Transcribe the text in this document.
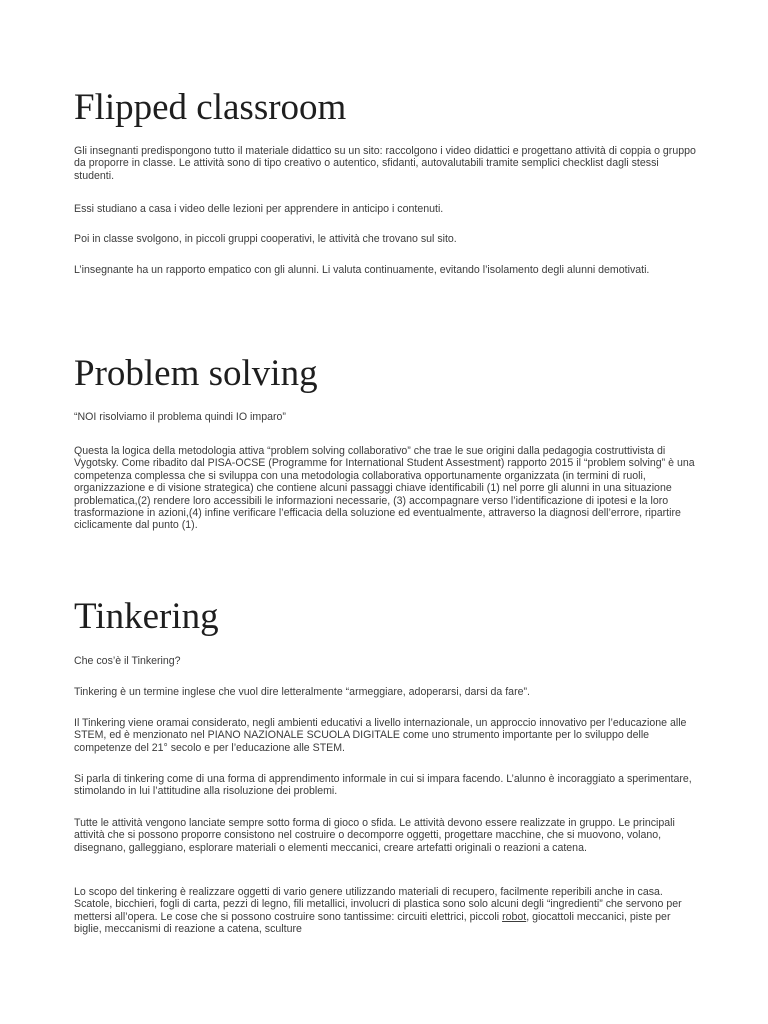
Flipped classroom

Gli insegnanti predispongono tutto il materiale didattico su un sito: raccolgono i video didattici e progettano attività di coppia o gruppo da proporre in classe. Le attività sono di tipo creativo o autentico, sfidanti, autovalutabili tramite semplici checklist dagli stessi studenti.

Essi studiano a casa i video delle lezioni per apprendere in anticipo i contenuti.

Poi in classe svolgono, in piccoli gruppi cooperativi, le attività che trovano sul sito.

L’insegnante ha un rapporto empatico con gli alunni. Li valuta continuamente, evitando l’isolamento degli alunni demotivati.

Problem solving

“NOI risolviamo il problema quindi IO imparo”

Questa la logica della metodologia attiva “problem solving collaborativo” che trae le sue origini dalla pedagogia costruttivista di Vygotsky. Come ribadito dal PISA-OCSE (Programme for International Student Assestment) rapporto 2015 il “problem solving” è una competenza complessa che si sviluppa con una metodologia collaborativa opportunamente organizzata (in termini di ruoli, organizzazione e di visione strategica) che contiene alcuni passaggi chiave identificabili (1) nel porre gli alunni in una situazione problematica,(2) rendere loro accessibili le informazioni necessarie, (3) accompagnare verso l’identificazione di ipotesi e la loro trasformazione in azioni,(4) infine verificare l’efficacia della soluzione ed eventualmente, attraverso la diagnosi dell’errore, ripartire ciclicamente dal punto (1).

Tinkering

Che cos’è il Tinkering?

Tinkering è un termine inglese che vuol dire letteralmente “armeggiare, adoperarsi, darsi da fare”.

Il Tinkering viene oramai considerato, negli ambienti educativi a livello internazionale, un approccio innovativo per l’educazione alle STEM, ed è menzionato nel PIANO NAZIONALE SCUOLA DIGITALE come uno strumento importante per lo sviluppo delle competenze del 21° secolo e per l’educazione alle STEM.

Si parla di tinkering come di una forma di apprendimento informale in cui si impara facendo. L’alunno è incoraggiato a sperimentare, stimolando in lui l’attitudine alla risoluzione dei problemi.

Tutte le attività vengono lanciate sempre sotto forma di gioco o sfida. Le attività devono essere realizzate in gruppo. Le principali attività che si possono proporre consistono nel costruire o decomporre oggetti, progettare macchine, che si muovono, volano, disegnano, galleggiano, esplorare materiali o elementi meccanici, creare artefatti originali o reazioni a catena.

Lo scopo del tinkering è realizzare oggetti di vario genere utilizzando materiali di recupero, facilmente reperibili anche in casa. Scatole, bicchieri, fogli di carta, pezzi di legno, fili metallici, involucri di plastica sono solo alcuni degli “ingredienti” che servono per mettersi all’opera. Le cose che si possono costruire sono tantissime: circuiti elettrici, piccoli robot, giocattoli meccanici, piste per biglie, meccanismi di reazione a catena, sculture
